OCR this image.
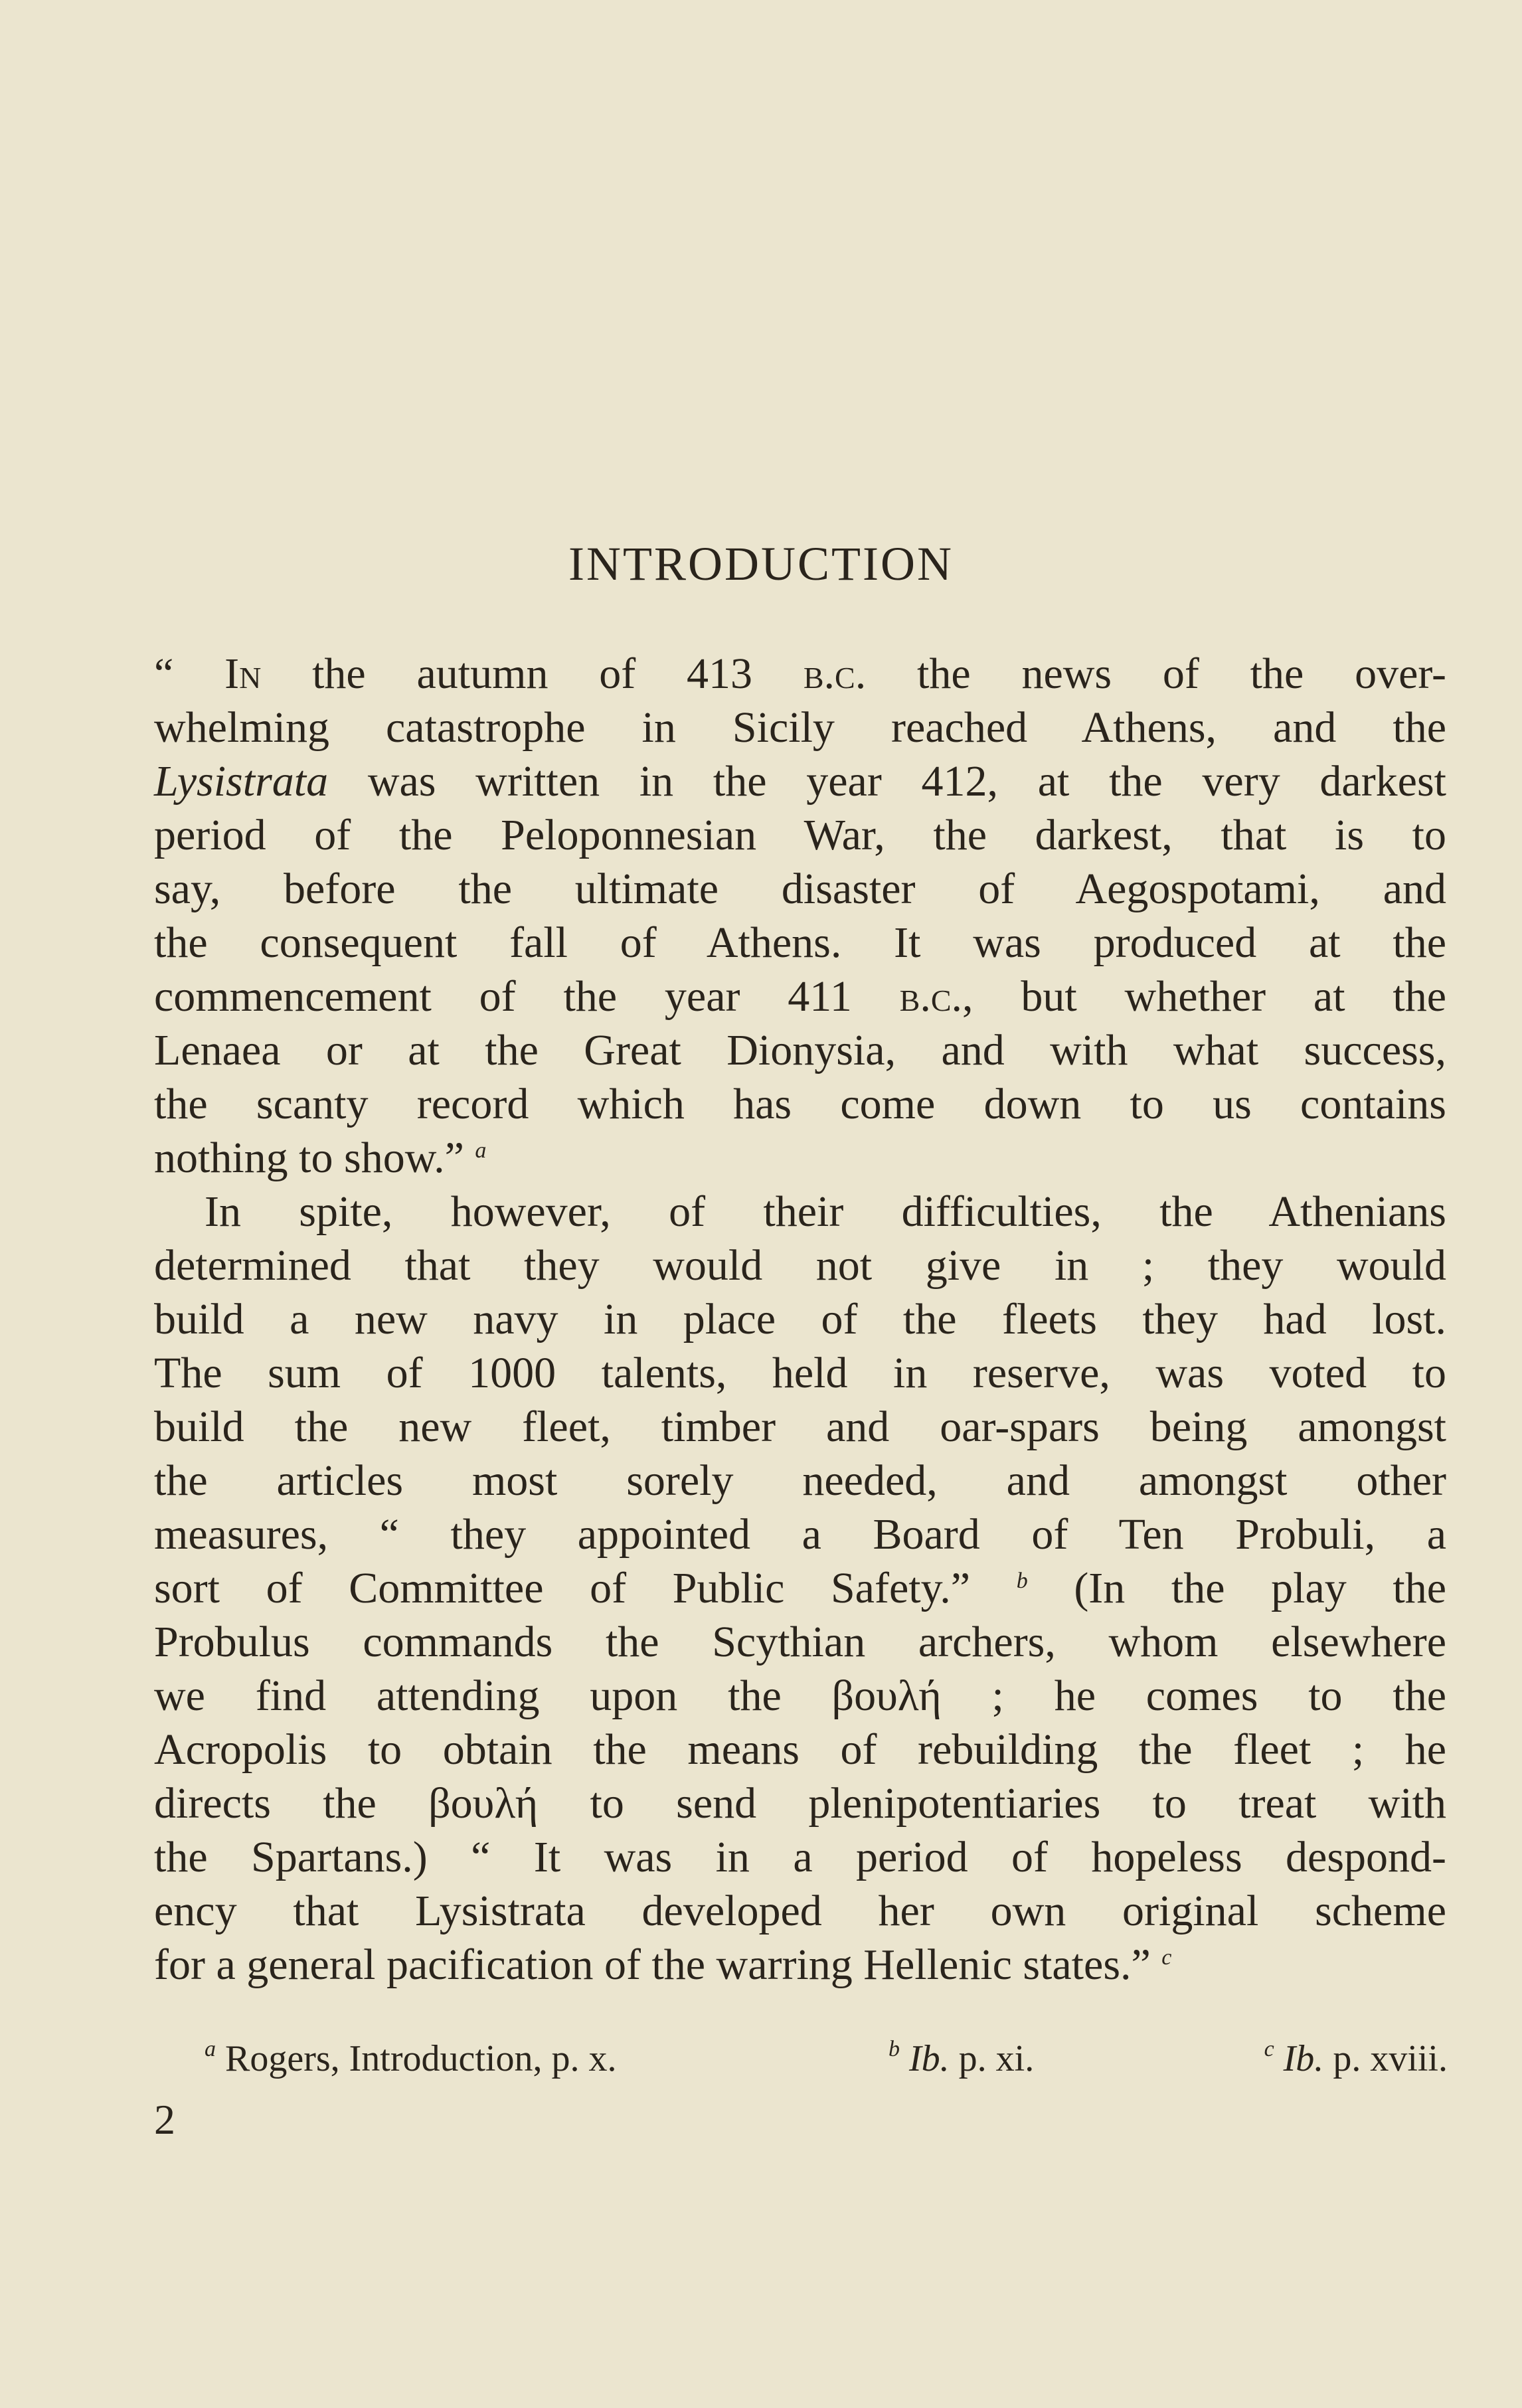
INTRODUCTION
“ In the autumn of 413 b.c. the news of the over-
whelming catastrophe in Sicily reached Athens, and the
Lysistrata was written in the year 412, at the very darkest
period of the Peloponnesian War, the darkest, that is to
say, before the ultimate disaster of Aegospotami, and
the consequent fall of Athens. It was produced at the
commencement of the year 411 b.c., but whether at the
Lenaea or at the Great Dionysia, and with what success,
the scanty record which has come down to us contains
nothing to show.” $^a$
In spite, however, of their difficulties, the Athenians
determined that they would not give in ; they would
build a new navy in place of the fleets they had lost.
The sum of 1000 talents, held in reserve, was voted to
build the new fleet, timber and oar-spars being amongst
the articles most sorely needed, and amongst other
measures, “ they appointed a Board of Ten Probuli, a
sort of Committee of Public Safety.” $^b$ (In the play the
Probulus commands the Scythian archers, whom elsewhere
we find attending upon the βουλή ; he comes to the
Acropolis to obtain the means of rebuilding the fleet ; he
directs the βουλή to send plenipotentiaries to treat with
the Spartans.) “ It was in a period of hopeless despond-
ency that Lysistrata developed her own original scheme
for a general pacification of the warring Hellenic states.” $^c$
$^a$ Rogers, Introduction, p. x.	$^b$ Ib. p. xi.	$^c$ Ib. p. xviii.
2
